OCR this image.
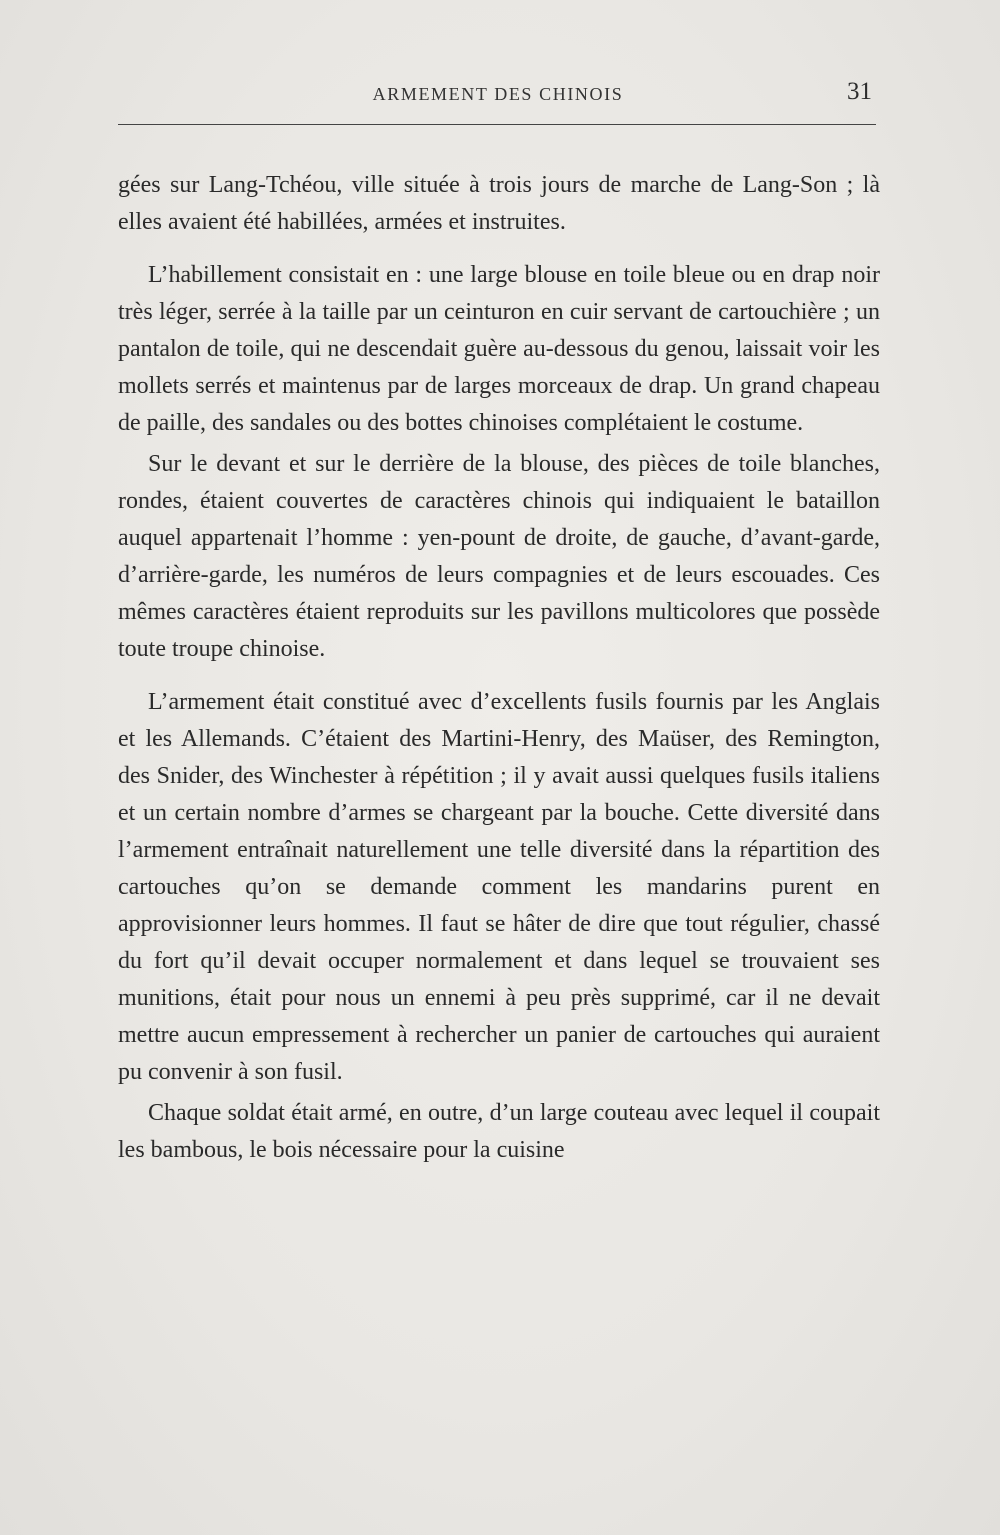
ARMEMENT DES CHINOIS	31

gées sur Lang-Tchéou, ville située à trois jours de marche de Lang-Son ; là elles avaient été habillées, armées et instruites.

L’habillement consistait en : une large blouse en toile bleue ou en drap noir très léger, serrée à la taille par un ceinturon en cuir servant de cartouchière ; un pantalon de toile, qui ne descendait guère au-dessous du genou, laissait voir les mollets serrés et maintenus par de larges morceaux de drap. Un grand chapeau de paille, des sandales ou des bottes chinoises complétaient le costume.

Sur le devant et sur le derrière de la blouse, des pièces de toile blanches, rondes, étaient couvertes de caractères chinois qui indiquaient le bataillon auquel appartenait l’homme : yen-pount de droite, de gauche, d’avant-garde, d’arrière-garde, les numéros de leurs compagnies et de leurs escouades. Ces mêmes caractères étaient reproduits sur les pavillons multicolores que possède toute troupe chinoise.

L’armement était constitué avec d’excellents fusils fournis par les Anglais et les Allemands. C’étaient des Martini-Henry, des Maüser, des Remington, des Snider, des Winchester à répétition ; il y avait aussi quelques fusils italiens et un certain nombre d’armes se chargeant par la bouche. Cette diversité dans l’armement entraînait naturellement une telle diversité dans la répartition des cartouches qu’on se demande comment les mandarins purent en approvisionner leurs hommes. Il faut se hâter de dire que tout régulier, chassé du fort qu’il devait occuper normalement et dans lequel se trouvaient ses munitions, était pour nous un ennemi à peu près supprimé, car il ne devait mettre aucun empressement à rechercher un panier de cartouches qui auraient pu convenir à son fusil.

Chaque soldat était armé, en outre, d’un large couteau avec lequel il coupait les bambous, le bois nécessaire pour la cuisine
